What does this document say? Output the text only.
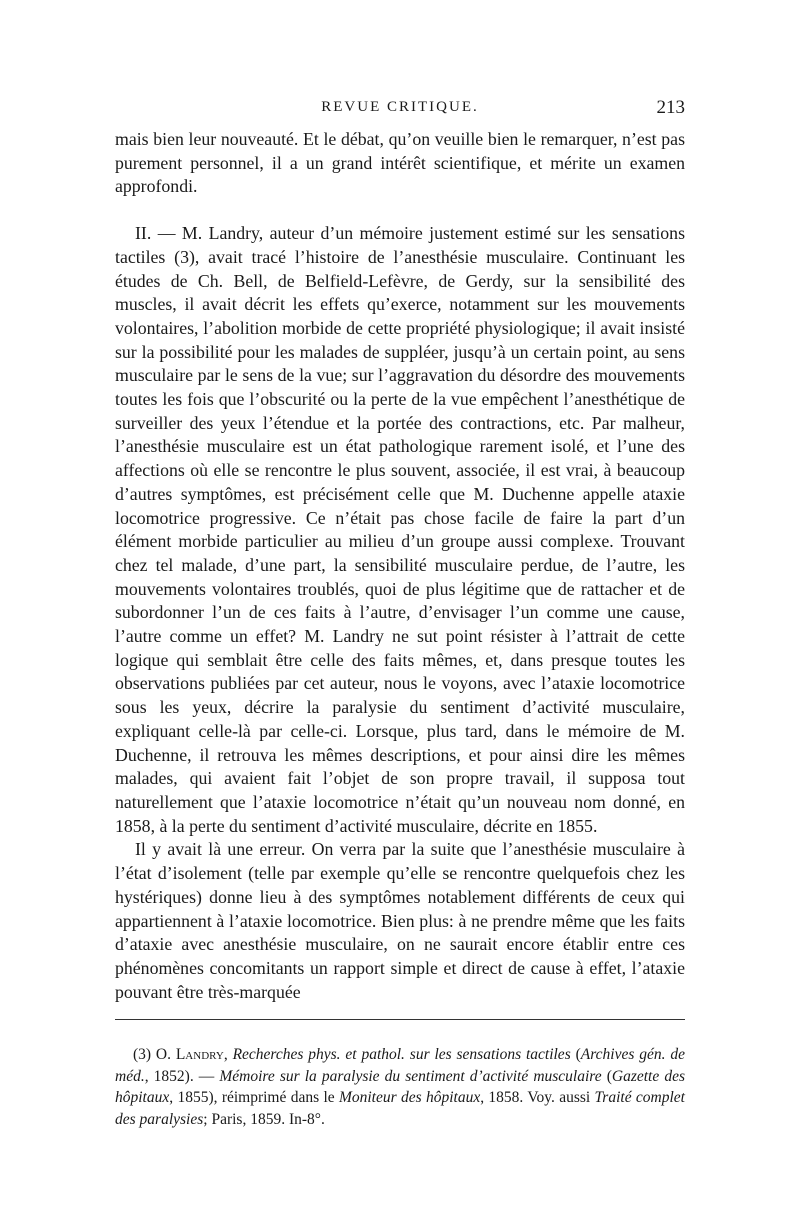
REVUE CRITIQUE.	213

mais bien leur nouveauté. Et le débat, qu’on veuille bien le remarquer, n’est pas purement personnel, il a un grand intérêt scientifique, et mérite un examen approfondi.

II. — M. Landry, auteur d’un mémoire justement estimé sur les sensations tactiles (3), avait tracé l’histoire de l’anesthésie musculaire. Continuant les études de Ch. Bell, de Belfield-Lefèvre, de Gerdy, sur la sensibilité des muscles, il avait décrit les effets qu’exerce, notamment sur les mouvements volontaires, l’abolition morbide de cette propriété physiologique; il avait insisté sur la possibilité pour les malades de suppléer, jusqu’à un certain point, au sens musculaire par le sens de la vue; sur l’aggravation du désordre des mouvements toutes les fois que l’obscurité ou la perte de la vue empêchent l’anesthétique de surveiller des yeux l’étendue et la portée des contractions, etc. Par malheur, l’anesthésie musculaire est un état pathologique rarement isolé, et l’une des affections où elle se rencontre le plus souvent, associée, il est vrai, à beaucoup d’autres symptômes, est précisément celle que M. Duchenne appelle ataxie locomotrice progressive. Ce n’était pas chose facile de faire la part d’un élément morbide particulier au milieu d’un groupe aussi complexe. Trouvant chez tel malade, d’une part, la sensibilité musculaire perdue, de l’autre, les mouvements volontaires troublés, quoi de plus légitime que de rattacher et de subordonner l’un de ces faits à l’autre, d’envisager l’un comme une cause, l’autre comme un effet? M. Landry ne sut point résister à l’attrait de cette logique qui semblait être celle des faits mêmes, et, dans presque toutes les observations publiées par cet auteur, nous le voyons, avec l’ataxie locomotrice sous les yeux, décrire la paralysie du sentiment d’activité musculaire, expliquant celle-là par celle-ci. Lorsque, plus tard, dans le mémoire de M. Duchenne, il retrouva les mêmes descriptions, et pour ainsi dire les mêmes malades, qui avaient fait l’objet de son propre travail, il supposa tout naturellement que l’ataxie locomotrice n’était qu’un nouveau nom donné, en 1858, à la perte du sentiment d’activité musculaire, décrite en 1855.

Il y avait là une erreur. On verra par la suite que l’anesthésie musculaire à l’état d’isolement (telle par exemple qu’elle se rencontre quelquefois chez les hystériques) donne lieu à des symptômes notablement différents de ceux qui appartiennent à l’ataxie locomotrice. Bien plus: à ne prendre même que les faits d’ataxie avec anesthésie musculaire, on ne saurait encore établir entre ces phénomènes concomitants un rapport simple et direct de cause à effet, l’ataxie pouvant être très-marquée

(3) O. Landry, Recherches phys. et pathol. sur les sensations tactiles (Archives gén. de méd., 1852). — Mémoire sur la paralysie du sentiment d’activité musculaire (Gazette des hôpitaux, 1855), réimprimé dans le Moniteur des hôpitaux, 1858. Voy. aussi Traité complet des paralysies; Paris, 1859. In-8°.
